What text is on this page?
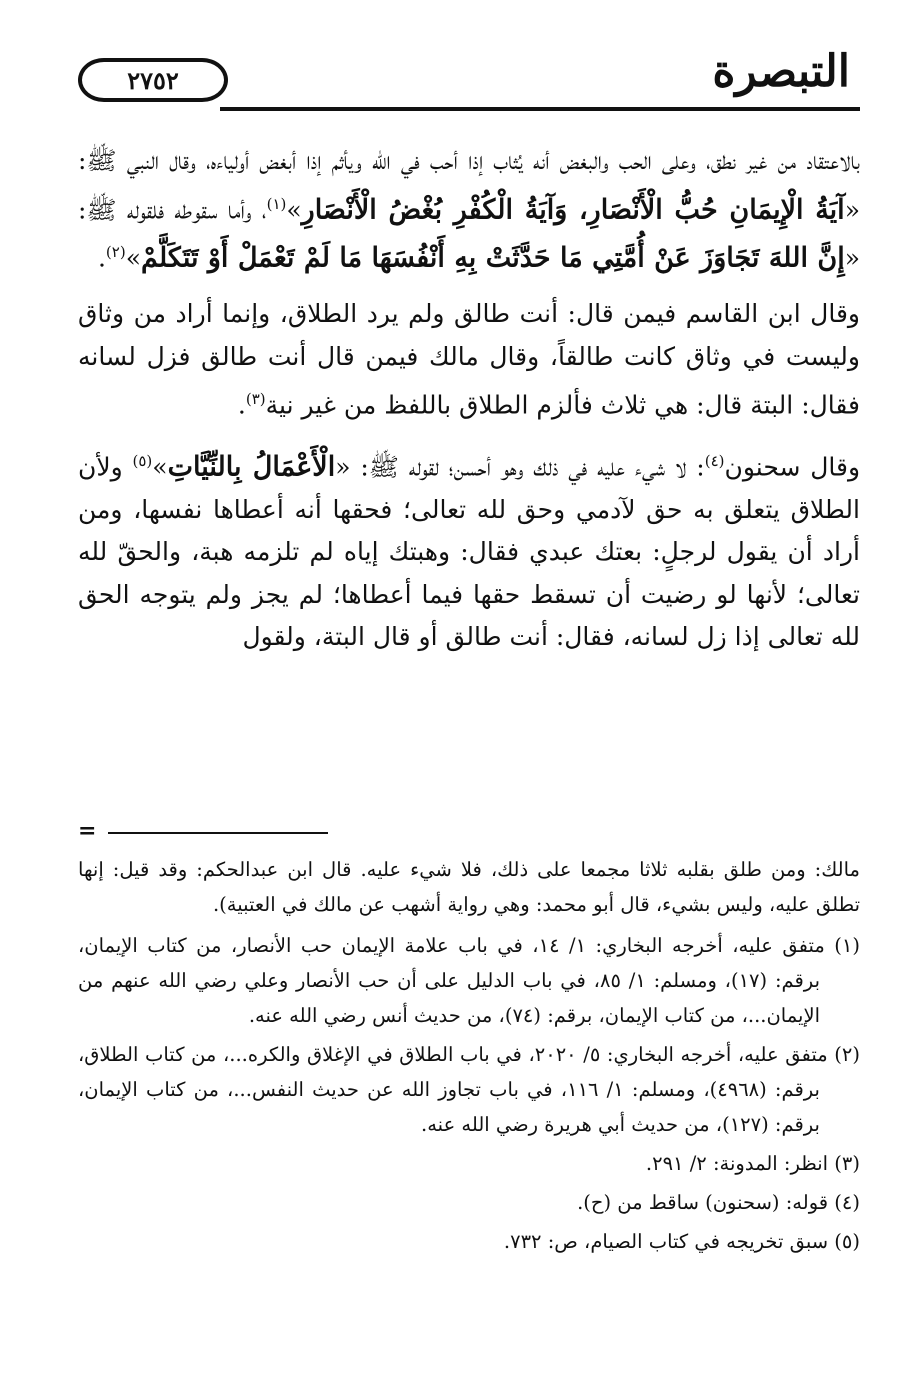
٢٧٥٢	التبصرة

بالاعتقاد من غير نطق، وعلى الحب والبغض أنه يُثاب إذا أحب في الله ويأثم إذا أبغض أولياءه، وقال النبي ﷺ: «آيَةُ الْإِيمَانِ حُبُّ الْأَنْصَارِ، وَآيَةُ الْكُفْرِ بُغْضُ الْأَنْصَارِ»$^{(١)}$، وأما سقوطه فلقوله ﷺ: «إِنَّ اللهَ تَجَاوَزَ عَنْ أُمَّتِي مَا حَدَّثَتْ بِهِ أَنْفُسَهَا مَا لَمْ تَعْمَلْ أَوْ تَتَكَلَّمْ»$^{(٢)}$.

وقال ابن القاسم فيمن قال: أنت طالق ولم يرد الطلاق، وإنما أراد من وثاق وليست في وثاق كانت طالقاً، وقال مالك فيمن قال أنت طالق فزل لسانه فقال: البتة قال: هي ثلاث فألزم الطلاق باللفظ من غير نية$^{(٣)}$.

وقال سحنون$^{(٤)}$: لا شيء عليه في ذلك وهو أحسن؛ لقوله ﷺ: «الْأَعْمَالُ بِالنِّيَّاتِ»$^{(٥)}$ ولأن الطلاق يتعلق به حق لآدمي وحق لله تعالى؛ فحقها أنه أعطاها نفسها، ومن أراد أن يقول لرجلٍ: بعتك عبدي فقال: وهبتك إياه لم تلزمه هبة، والحقّ لله تعالى؛ لأنها لو رضيت أن تسقط حقها فيما أعطاها؛ لم يجز ولم يتوجه الحق لله تعالى إذا زل لسانه، فقال: أنت طالق أو قال البتة، ولقول

=

مالك: ومن طلق بقلبه ثلاثا مجمعا على ذلك، فلا شيء عليه. قال ابن عبدالحكم: وقد قيل: إنها تطلق عليه، وليس بشيء، قال أبو محمد: وهي رواية أشهب عن مالك في العتبية).

(١) متفق عليه، أخرجه البخاري: ١/ ١٤، في باب علامة الإيمان حب الأنصار، من كتاب الإيمان، برقم: (١٧)، ومسلم: ١/ ٨٥، في باب الدليل على أن حب الأنصار وعلي رضي الله عنهم من الإيمان...، من كتاب الإيمان، برقم: (٧٤)، من حديث أنس رضي الله عنه.

(٢) متفق عليه، أخرجه البخاري: ٥/ ٢٠٢٠، في باب الطلاق في الإغلاق والكره...، من كتاب الطلاق، برقم: (٤٩٦٨)، ومسلم: ١/ ١١٦، في باب تجاوز الله عن حديث النفس...، من كتاب الإيمان، برقم: (١٢٧)، من حديث أبي هريرة رضي الله عنه.

(٣) انظر: المدونة: ٢/ ٢٩١.

(٤) قوله: (سحنون) ساقط من (ح).

(٥) سبق تخريجه في كتاب الصيام، ص: ٧٣٢.
